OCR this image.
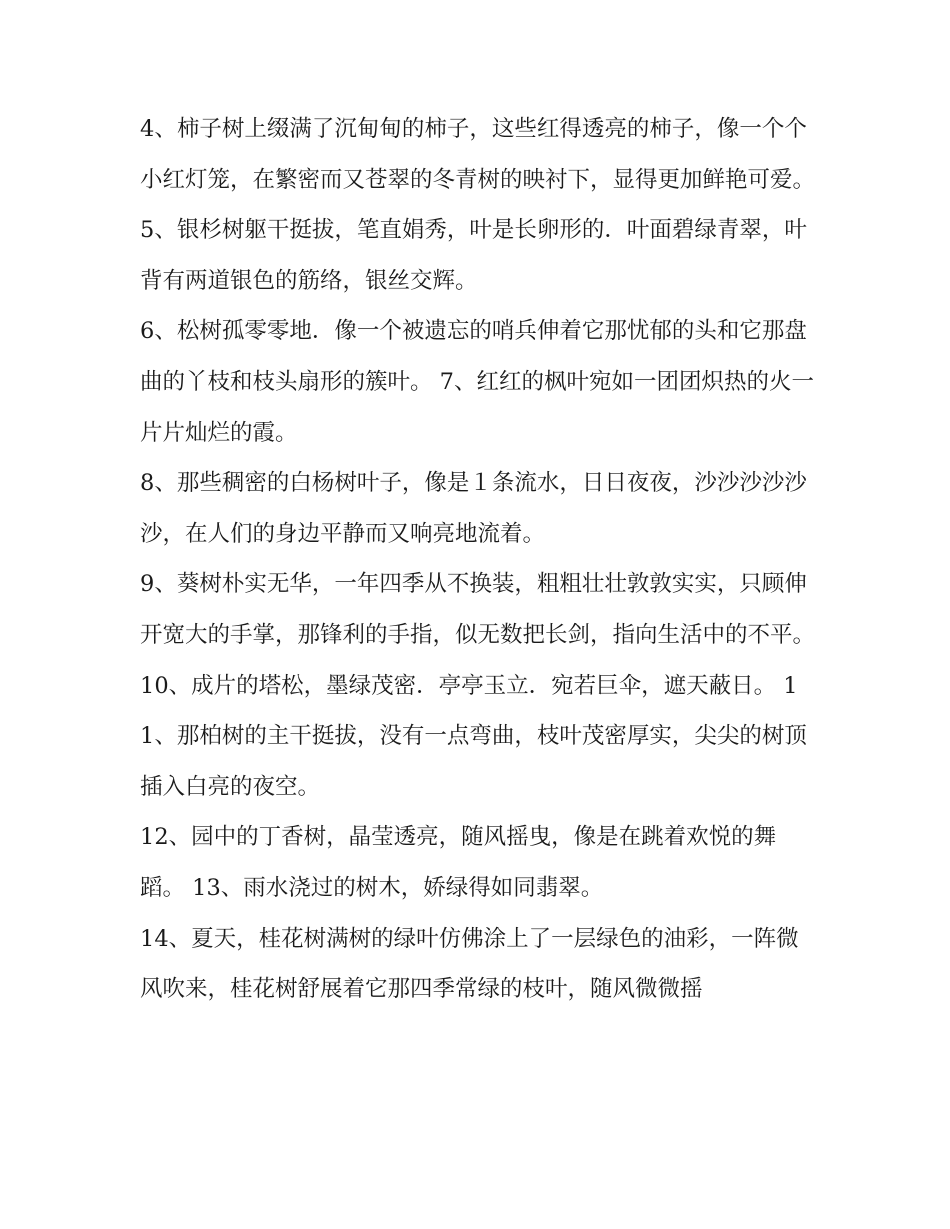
4、柿子树上缀满了沉甸甸的柿子，这些红得透亮的柿子，像一个个小红灯笼，在繁密而又苍翠的冬青树的映衬下，显得更加鲜艳可爱。

5、银杉树躯干挺拔，笔直娟秀，叶是长卵形的．叶面碧绿青翠，叶背有两道银色的筋络，银丝交辉。

6、松树孤零零地．像一个被遗忘的哨兵伸着它那忧郁的头和它那盘曲的丫枝和枝头扇形的簇叶。 7、红红的枫叶宛如一团团炽热的火一片片灿烂的霞。

8、那些稠密的白杨树叶子，像是１条流水，日日夜夜，沙沙沙沙沙沙，在人们的身边平静而又响亮地流着。

9、葵树朴实无华，一年四季从不换装，粗粗壮壮敦敦实实，只顾伸开宽大的手掌，那锋利的手指，似无数把长剑，指向生活中的不平。

10、成片的塔松，墨绿茂密．亭亭玉立．宛若巨伞，遮天蔽日。 11、那柏树的主干挺拔，没有一点弯曲，枝叶茂密厚实，尖尖的树顶插入白亮的夜空。

12、园中的丁香树，晶莹透亮，随风摇曳，像是在跳着欢悦的舞蹈。 13、雨水浇过的树木，娇绿得如同翡翠。

14、夏天，桂花树满树的绿叶仿佛涂上了一层绿色的油彩，一阵微风吹来，桂花树舒展着它那四季常绿的枝叶，随风微微摇
